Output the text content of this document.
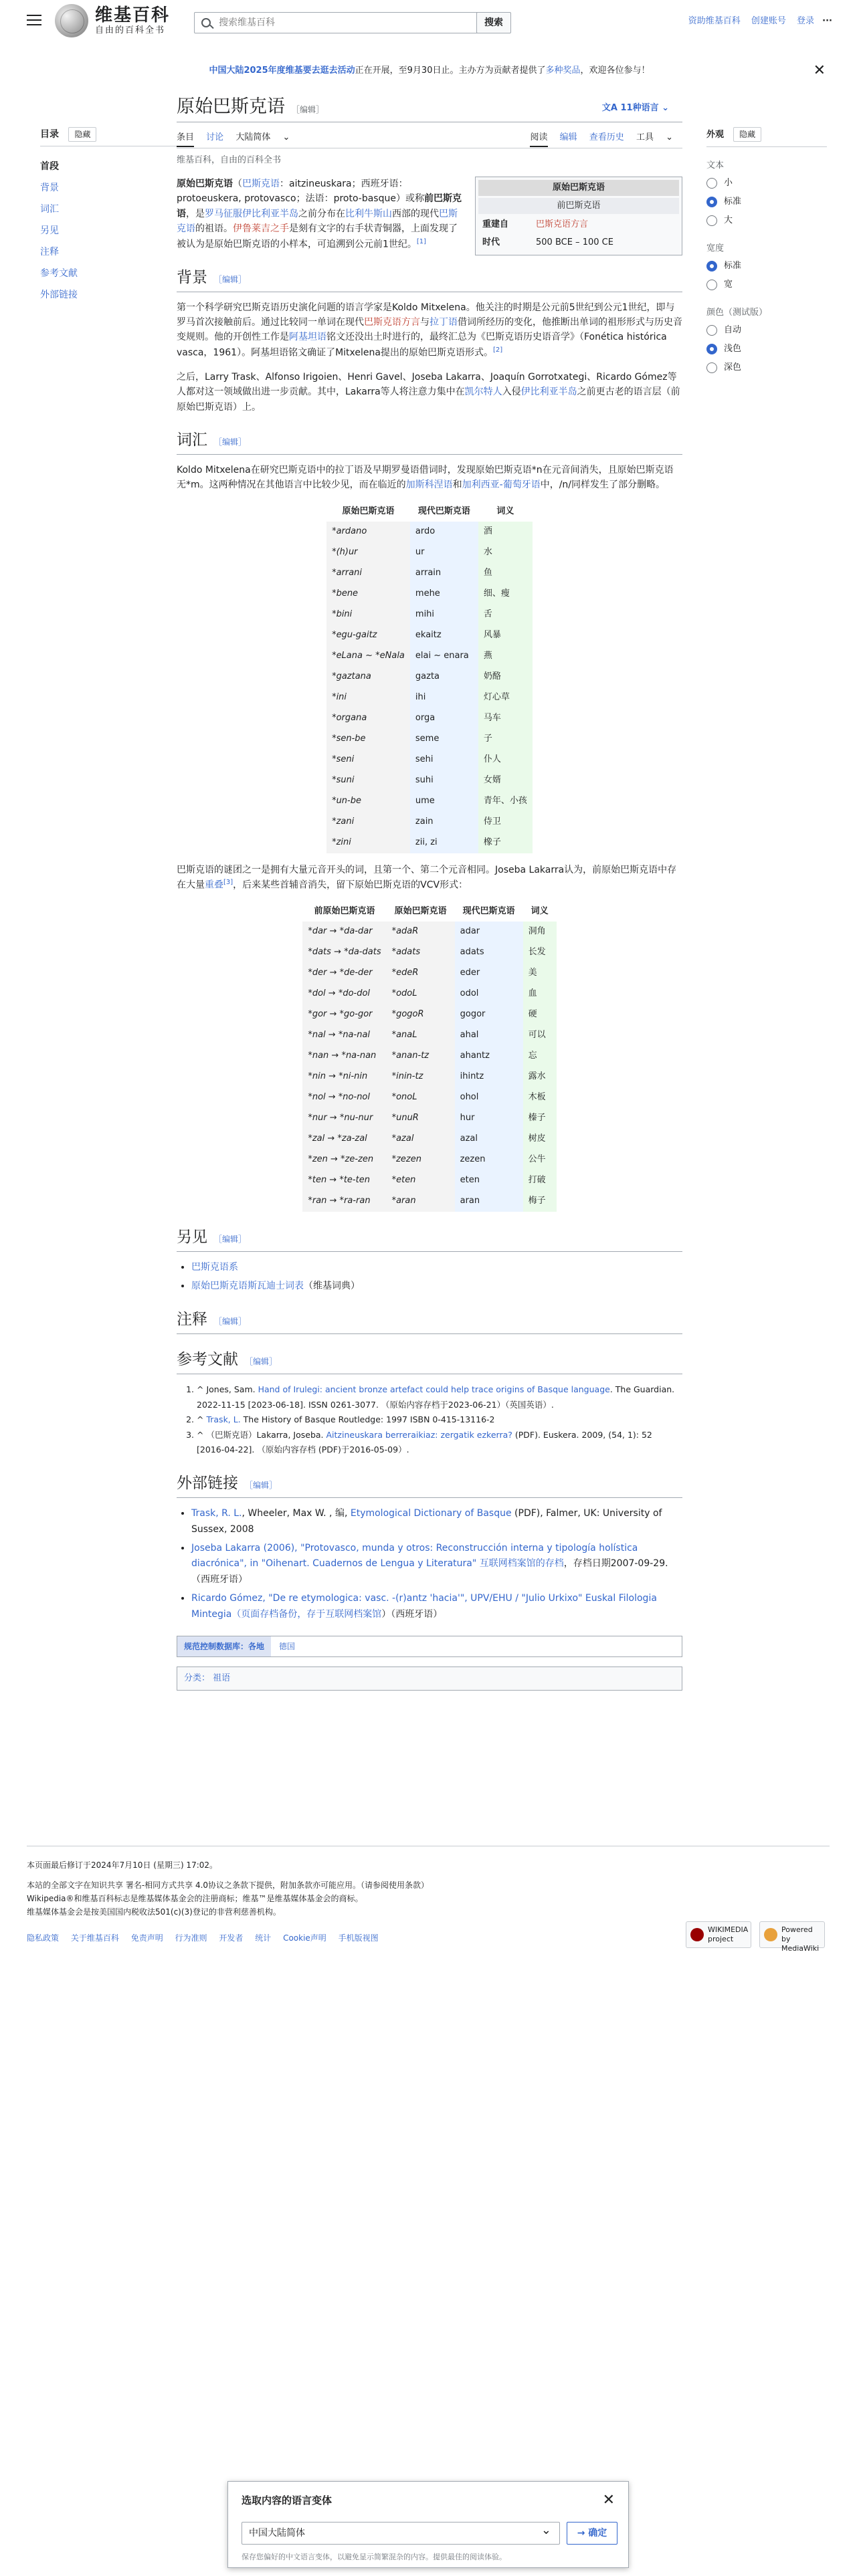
维基百科
自由的百科全书
搜索维基百科
搜索	资助维基百科 创建账号 登录 ···
中国大陆2025年度维基要去逛去活动正在开展，至9月30日止。主办方为贡献者提供了多种奖品，欢迎各位参与！	✕
目录 隐藏
首段
背景
词汇
另见
注释
参考文献
外部链接
外观 隐藏
文本
小
标准
大
宽度
标准
宽
颜色（测试版）
自动
浅色
深色
原始巴斯克语 ［编辑］	文A 11种语言 ⌄
条目 讨论 大陆简体 ⌄	阅读 编辑 查看历史 工具 ⌄
维基百科，自由的百科全书
原始巴斯克语
前巴斯克语
重建自	巴斯克语方言
时代	500 BCE – 100 CE

原始巴斯克语（巴斯克语：aitzineuskara；西班牙语：protoeuskera, protovasco；法语：proto-basque）或称前巴斯克语，是罗马征服伊比利亚半岛之前分布在比利牛斯山西部的现代巴斯克语的祖语。伊鲁莱吉之手是刻有文字的右手状青铜器，上面发现了被认为是原始巴斯克语的小样本，可追溯到公元前1世纪。[1]

背景 ［编辑］

第一个科学研究巴斯克语历史演化问题的语言学家是Koldo Mitxelena。他关注的时期是公元前5世纪到公元1世纪，即与罗马首次接触前后。通过比较同一单词在现代巴斯克语方言与拉丁语借词所经历的变化，他推断出单词的祖形形式与历史音变规则。他的开创性工作是阿基坦语铭文还没出土时进行的，最终汇总为《巴斯克语历史语音学》（Fonética histórica vasca，1961）。阿基坦语铭文确证了Mitxelena提出的原始巴斯克语形式。[2]

之后，Larry Trask、Alfonso Irigoien、Henri Gavel、Joseba Lakarra、Joaquín Gorrotxategi、Ricardo Gómez等人都对这一领域做出进一步贡献。其中，Lakarra等人将注意力集中在凯尔特人入侵伊比利亚半岛之前更古老的语言层（前原始巴斯克语）上。

词汇 ［编辑］

Koldo Mitxelena在研究巴斯克语中的拉丁语及早期罗曼语借词时，发现原始巴斯克语*n在元音间消失，且原始巴斯克语无*m。这两种情况在其他语言中比较少见，而在临近的加斯科涅语和加利西亚-葡萄牙语中，/n/同样发生了部分删略。

原始巴斯克语	现代巴斯克语	词义
*ardano	ardo	酒
*(h)ur	ur	水
*arrani	arrain	鱼
*bene	mehe	细、瘦
*bini	mihi	舌
*egu-gaitz	ekaitz	风暴
*eLana ~ *eNala	elai ~ enara	燕
*gaztana	gazta	奶酪
*ini	ihi	灯心草
*organa	orga	马车
*sen-be	seme	子
*seni	sehi	仆人
*suni	suhi	女婿
*un-be	ume	青年、小孩
*zani	zain	侍卫
*zini	zii, zi	橡子

巴斯克语的谜团之一是拥有大量元音开头的词，且第一个、第二个元音相同。Joseba Lakarra认为，前原始巴斯克语中存在大量重叠[3]，后来某些首辅音消失，留下原始巴斯克语的VCV形式：

前原始巴斯克语	原始巴斯克语	现代巴斯克语	词义
*dar → *da-dar	*adaR	adar	洞角
*dats → *da-dats	*adats	adats	长发
*der → *de-der	*edeR	eder	美
*dol → *do-dol	*odoL	odol	血
*gor → *go-gor	*gogoR	gogor	硬
*nal → *na-nal	*anaL	ahal	可以
*nan → *na-nan	*anan-tz	ahantz	忘
*nin → *ni-nin	*inin-tz	ihintz	露水
*nol → *no-nol	*onoL	ohol	木板
*nur → *nu-nur	*unuR	hur	榛子
*zal → *za-zal	*azal	azal	树皮
*zen → *ze-zen	*zezen	zezen	公牛
*ten → *te-ten	*eten	eten	打破
*ran → *ra-ran	*aran	aran	梅子
另见 ［编辑］
• 巴斯克语系
• 原始巴斯克语斯瓦迪士词表（维基词典）
注释 ［编辑］
参考文献 ［编辑］
1. ^ Jones, Sam. Hand of Irulegi: ancient bronze artefact could help trace origins of Basque language. The Guardian. 2022-11-15 [2023-06-18]. ISSN 0261-3077. （原始内容存档于2023-06-21）（英国英语）.
2. ^ Trask, L. The History of Basque Routledge: 1997 ISBN 0-415-13116-2
3. ^ （巴斯克语）Lakarra, Joseba. Aitzineuskara berreraikiaz: zergatik ezkerra? (PDF). Euskera. 2009, (54, 1): 52 [2016-04-22]. （原始内容存档 (PDF)于2016-05-09）.
外部链接 ［编辑］
• Trask, R. L., Wheeler, Max W. , 编, Etymological Dictionary of Basque (PDF), Falmer, UK: University of Sussex, 2008
• Joseba Lakarra (2006), "Protovasco, munda y otros: Reconstrucción interna y tipología holística diacrónica", in "Oihenart. Cuadernos de Lengua y Literatura" 互联网档案馆的存档，存档日期2007-09-29.（西班牙语）
• Ricardo Gómez, "De re etymologica: vasc. -(r)antz 'hacia'", UPV/EHU / "Julio Urkixo" Euskal Filologia Mintegia（页面存档备份，存于互联网档案馆）（西班牙语）
规范控制数据库：各地 德国
分类： 祖语
本页面最后修订于2024年7月10日 (星期三) 17:02。
本站的全部文字在知识共享 署名-相同方式共享 4.0协议之条款下提供，附加条款亦可能应用。（请参阅使用条款）
Wikipedia®和维基百科标志是维基媒体基金会的注册商标；维基™是维基媒体基金会的商标。
维基媒体基金会是按美国国内税收法501(c)(3)登记的非营利慈善机构。
隐私政策 关于维基百科 免责声明 行为准则 开发者 统计 Cookie声明 手机版视图
WIKIMEDIA project
Powered by MediaWiki
选取内容的语言变体	✕
中国大陆简体 ⌄	→ 确定
保存您偏好的中文语言变体，以避免显示简繁混杂的内容。提供最佳的阅读体验。
